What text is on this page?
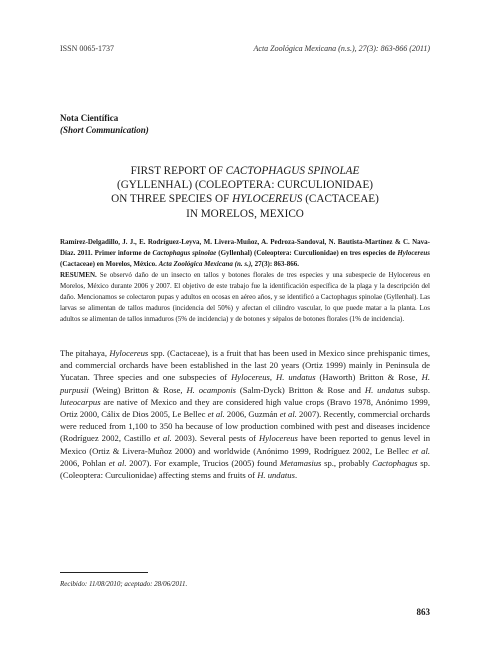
ISSN 0065-1737	Acta Zoológica Mexicana (n.s.), 27(3): 863-866 (2011)
Nota Científica
(Short Communication)
FIRST REPORT OF CACTOPHAGUS SPINOLAE
(GYLLENHAL) (COLEOPTERA: CURCULIONIDAE)
ON THREE SPECIES OF HYLOCEREUS (CACTACEAE)
IN MORELOS, MEXICO

Ramírez-Delgadillo, J. J., E. Rodríguez-Leyva, M. Livera-Muñoz, A. Pedroza-Sandoval, N. Bautista-Martínez & C. Nava-Díaz. 2011. Primer informe de Cactophagus spinolae (Gyllenhal) (Coleoptera: Curculionidae) en tres especies de Hylocereus (Cactaceae) en Morelos, México. Acta Zoológica Mexicana (n. s.), 27(3): 863-866.

RESUMEN. Se observó daño de un insecto en tallos y botones florales de tres especies y una subespecie de Hylocereus en Morelos, México durante 2006 y 2007. El objetivo de este trabajo fue la identificación específica de la plaga y la descripción del daño. Mencionamos se colectaron pupas y adultos en ocosas en aéreo años, y se identificó a Cactophagus spinolae (Gyllenhal). Las larvas se alimentan de tallos maduros (incidencia del 50%) y afectan el cilindro vascular, lo que puede matar a la planta. Los adultos se alimentan de tallos inmaduros (5% de incidencia) y de botones y sépalos de botones florales (1% de incidencia).

The pitahaya, Hylocereus spp. (Cactaceae), is a fruit that has been used in Mexico since prehispanic times, and commercial orchards have been established in the last 20 years (Ortiz 1999) mainly in Peninsula de Yucatan. Three species and one subspecies of Hylocereus, H. undatus (Haworth) Britton & Rose, H. purpusii (Weing) Britton & Rose, H. ocamponis (Salm-Dyck) Britton & Rose and H. undatus subsp. luteocarpus are native of Mexico and they are considered high value crops (Bravo 1978, Anónimo 1999, Ortiz 2000, Cálix de Dios 2005, Le Bellec et al. 2006, Guzmán et al. 2007). Recently, commercial orchards were reduced from 1,100 to 350 ha because of low production combined with pest and diseases incidence (Rodríguez 2002, Castillo et al. 2003). Several pests of Hylocereus have been reported to genus level in Mexico (Ortiz & Livera-Muñoz 2000) and worldwide (Anónimo 1999, Rodríguez 2002, Le Bellec et al. 2006, Pohlan et al. 2007). For example, Trucios (2005) found Metamasius sp., probably Cactophagus sp. (Coleoptera: Curculionidae) affecting stems and fruits of H. undatus.

Recibido: 11/08/2010; aceptado: 28/06/2011.
863
